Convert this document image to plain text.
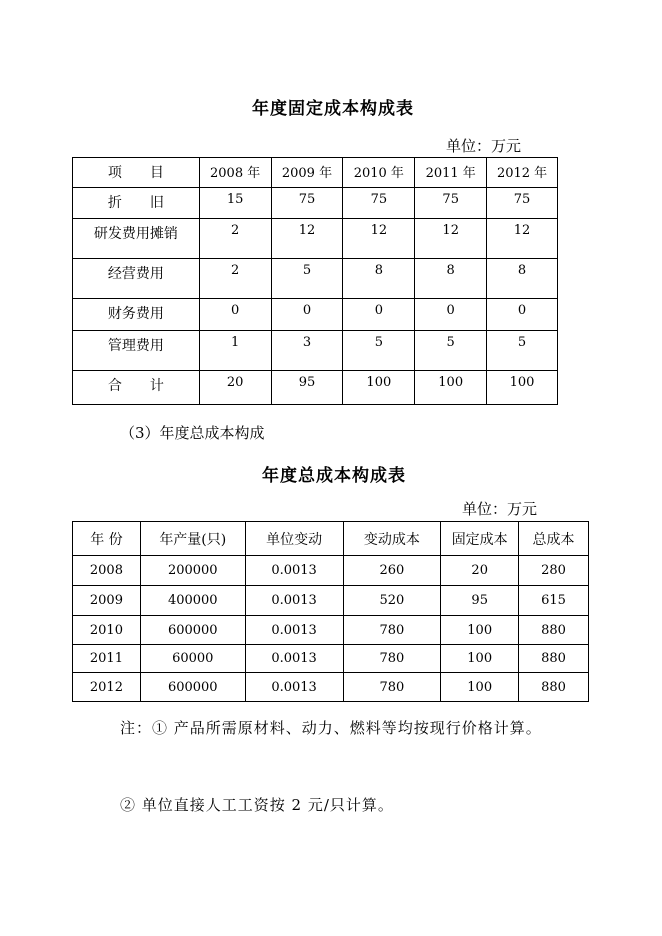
年度固定成本构成表
单位：万元
项　　目	2008 年	2009 年	2010 年	2011 年	2012 年
折　　旧	15	75	75	75	75
研发费用摊销	2	12	12	12	12
经营费用	2	5	8	8	8
财务费用	0	0	0	0	0
管理费用	1	3	5	5	5
合　　计	20	95	100	100	100
（3）年度总成本构成
年度总成本构成表
单位：万元
年 份	年产量(只)	单位变动	变动成本	固定成本	总成本
2008	200000	0.0013	260	20	280
2009	400000	0.0013	520	95	615
2010	600000	0.0013	780	100	880
2011	60000	0.0013	780	100	880
2012	600000	0.0013	780	100	880
注：① 产品所需原材料、动力、燃料等均按现行价格计算。
② 单位直接人工工资按 2 元/只计算。
